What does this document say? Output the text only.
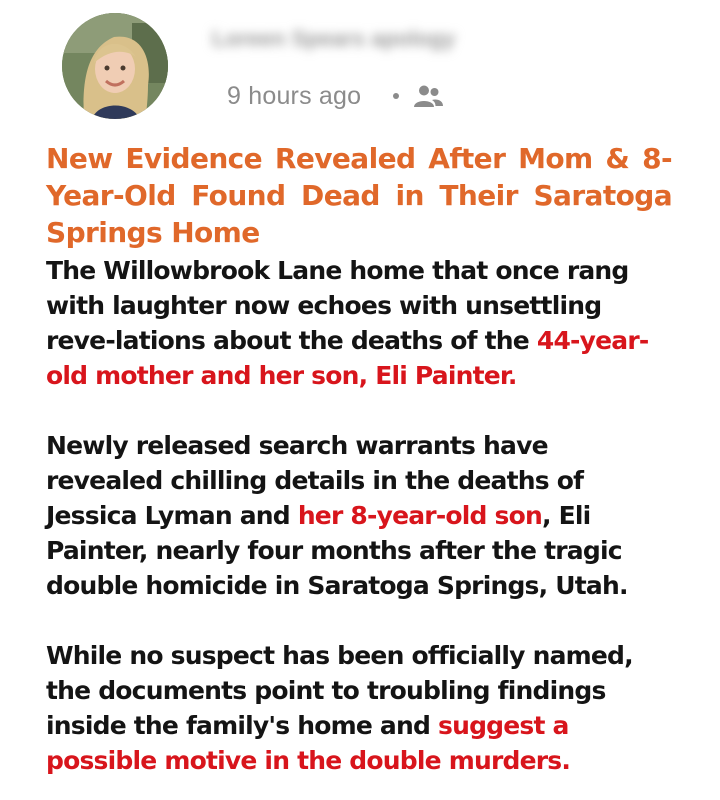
Loreen Spears apology
9 hours ago
New Evidence Revealed After Mom & 8-Year-Old Found Dead in Their Saratoga Springs Home

The Willowbrook Lane home that once rang with laughter now echoes with unsettling reve-lations about the deaths of the 44-year-old mother and her son, Eli Painter.

Newly released search warrants have revealed chilling details in the deaths of Jessica Lyman and her 8-year-old son, Eli Painter, nearly four months after the tragic double homicide in Saratoga Springs, Utah.

While no suspect has been officially named, the documents point to troubling findings inside the family's home and suggest a possible motive in the double murders.
